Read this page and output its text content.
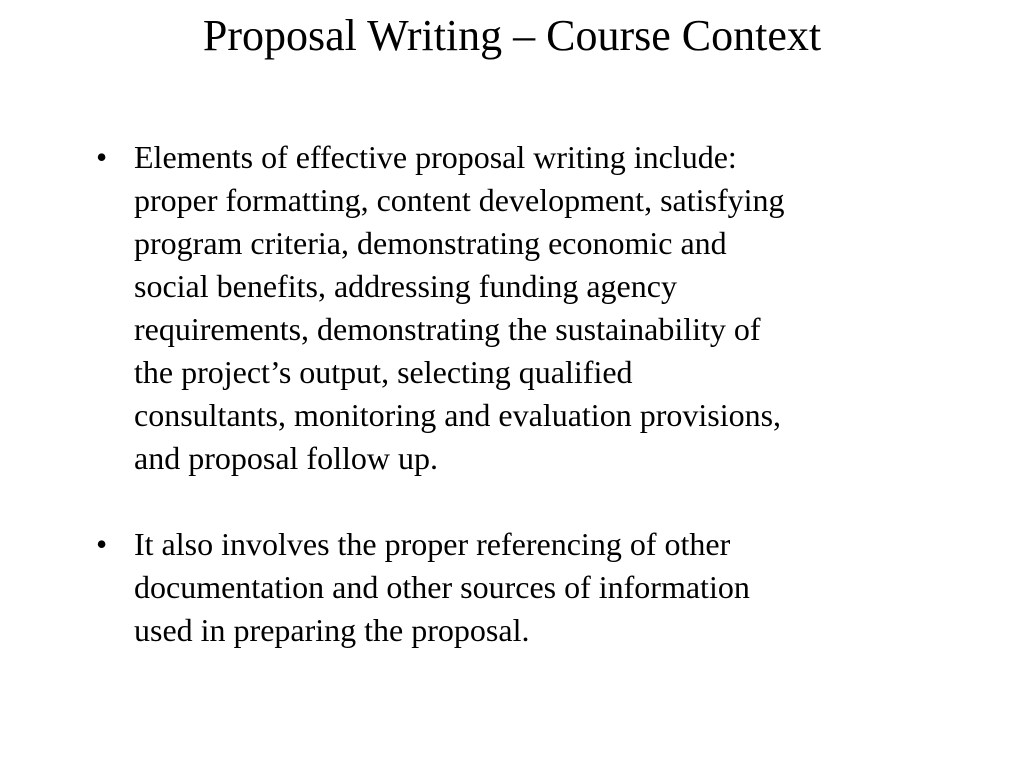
Proposal Writing – Course Context
• Elements of effective proposal writing include:
proper formatting, content development, satisfying
program criteria, demonstrating economic and
social benefits, addressing funding agency
requirements, demonstrating the sustainability of
the project’s output, selecting qualified
consultants, monitoring and evaluation provisions,
and proposal follow up.
• It also involves the proper referencing of other
documentation and other sources of information
used in preparing the proposal.
